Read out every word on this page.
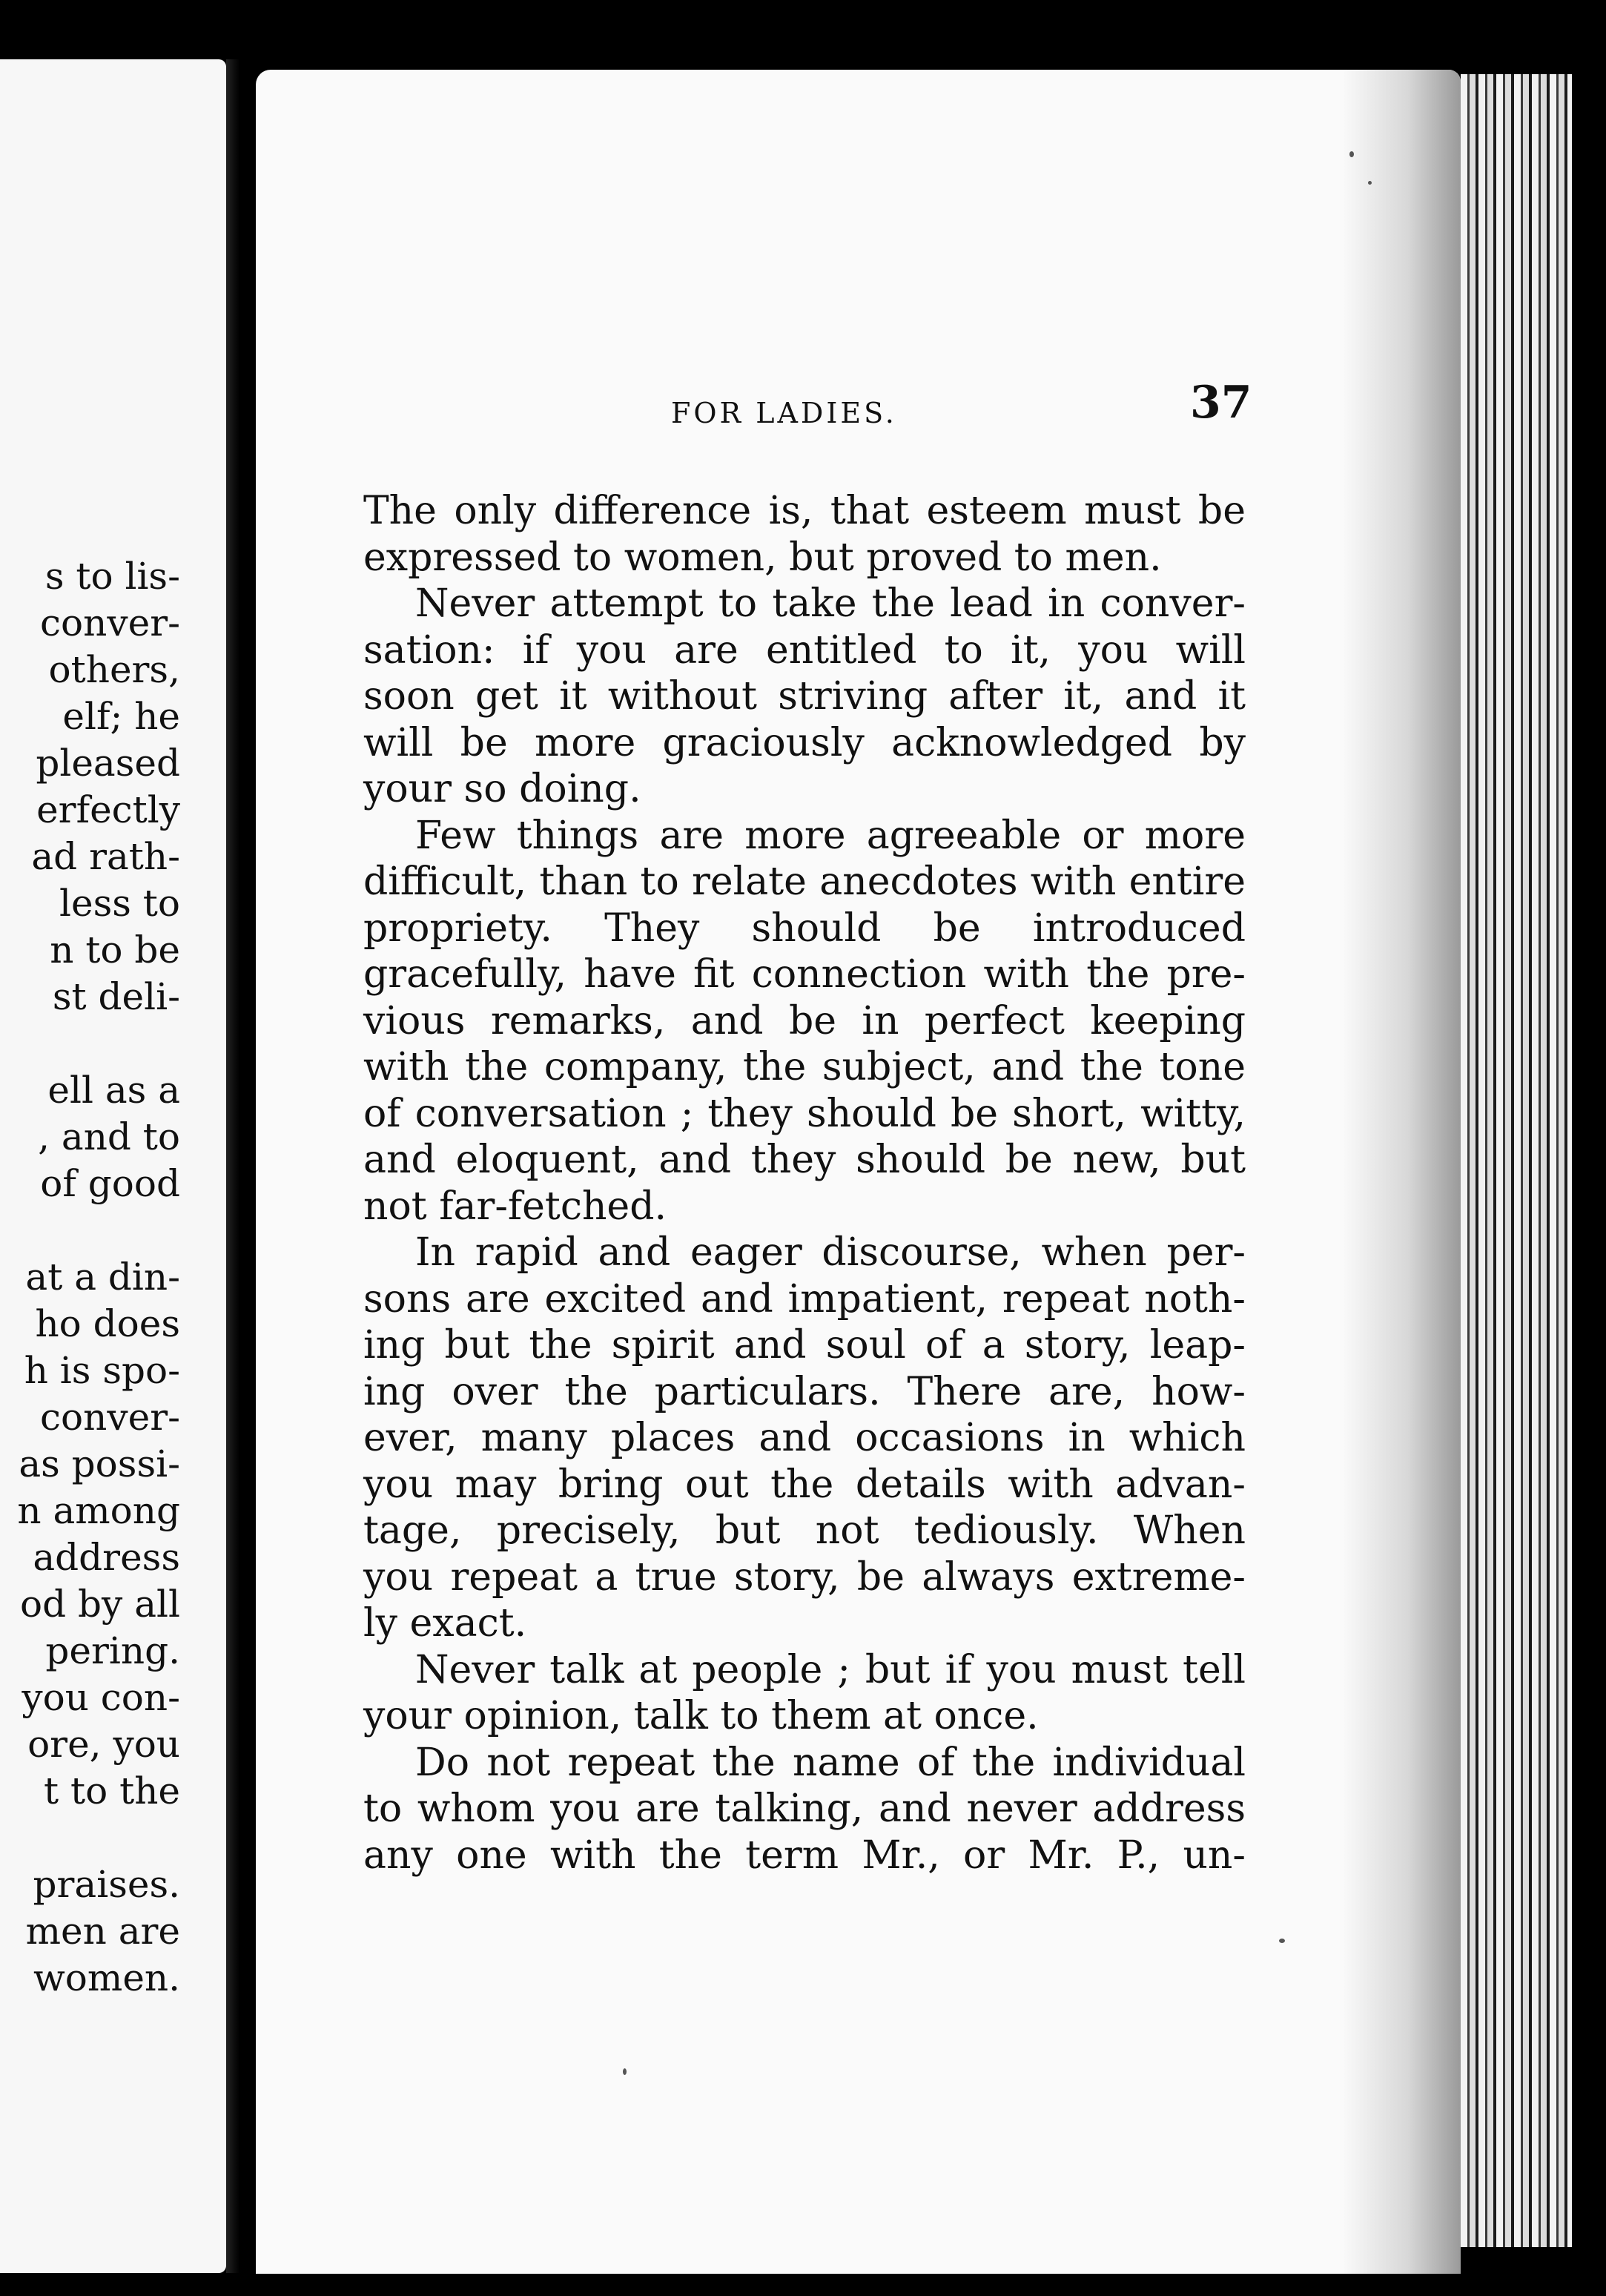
s to lis-
conver-
others,
elf; he
pleased
erfectly
ad rath-
less to
n to be
st deli-
ell as a
, and to
of good
at a din-
ho does
h is spo-
conver-
as possi-
n among
address
od by all
pering.
you con-
ore, you
t to the
praises.
men are
women.
FOR LADIES.	37
The only difference is, that esteem must be
expressed to women, but proved to men.
Never attempt to take the lead in conver-
sation: if you are entitled to it, you will
soon get it without striving after it, and it
will be more graciously acknowledged by
your so doing.
Few things are more agreeable or more
difficult, than to relate anecdotes with entire
propriety. They should be introduced
gracefully, have fit connection with the pre-
vious remarks, and be in perfect keeping
with the company, the subject, and the tone
of conversation ; they should be short, witty,
and eloquent, and they should be new, but
not far-fetched.
In rapid and eager discourse, when per-
sons are excited and impatient, repeat noth-
ing but the spirit and soul of a story, leap-
ing over the particulars. There are, how-
ever, many places and occasions in which
you may bring out the details with advan-
tage, precisely, but not tediously. When
you repeat a true story, be always extreme-
ly exact.
Never talk at people ; but if you must tell
your opinion, talk to them at once.
Do not repeat the name of the individual
to whom you are talking, and never address
any one with the term Mr., or Mr. P., un-
